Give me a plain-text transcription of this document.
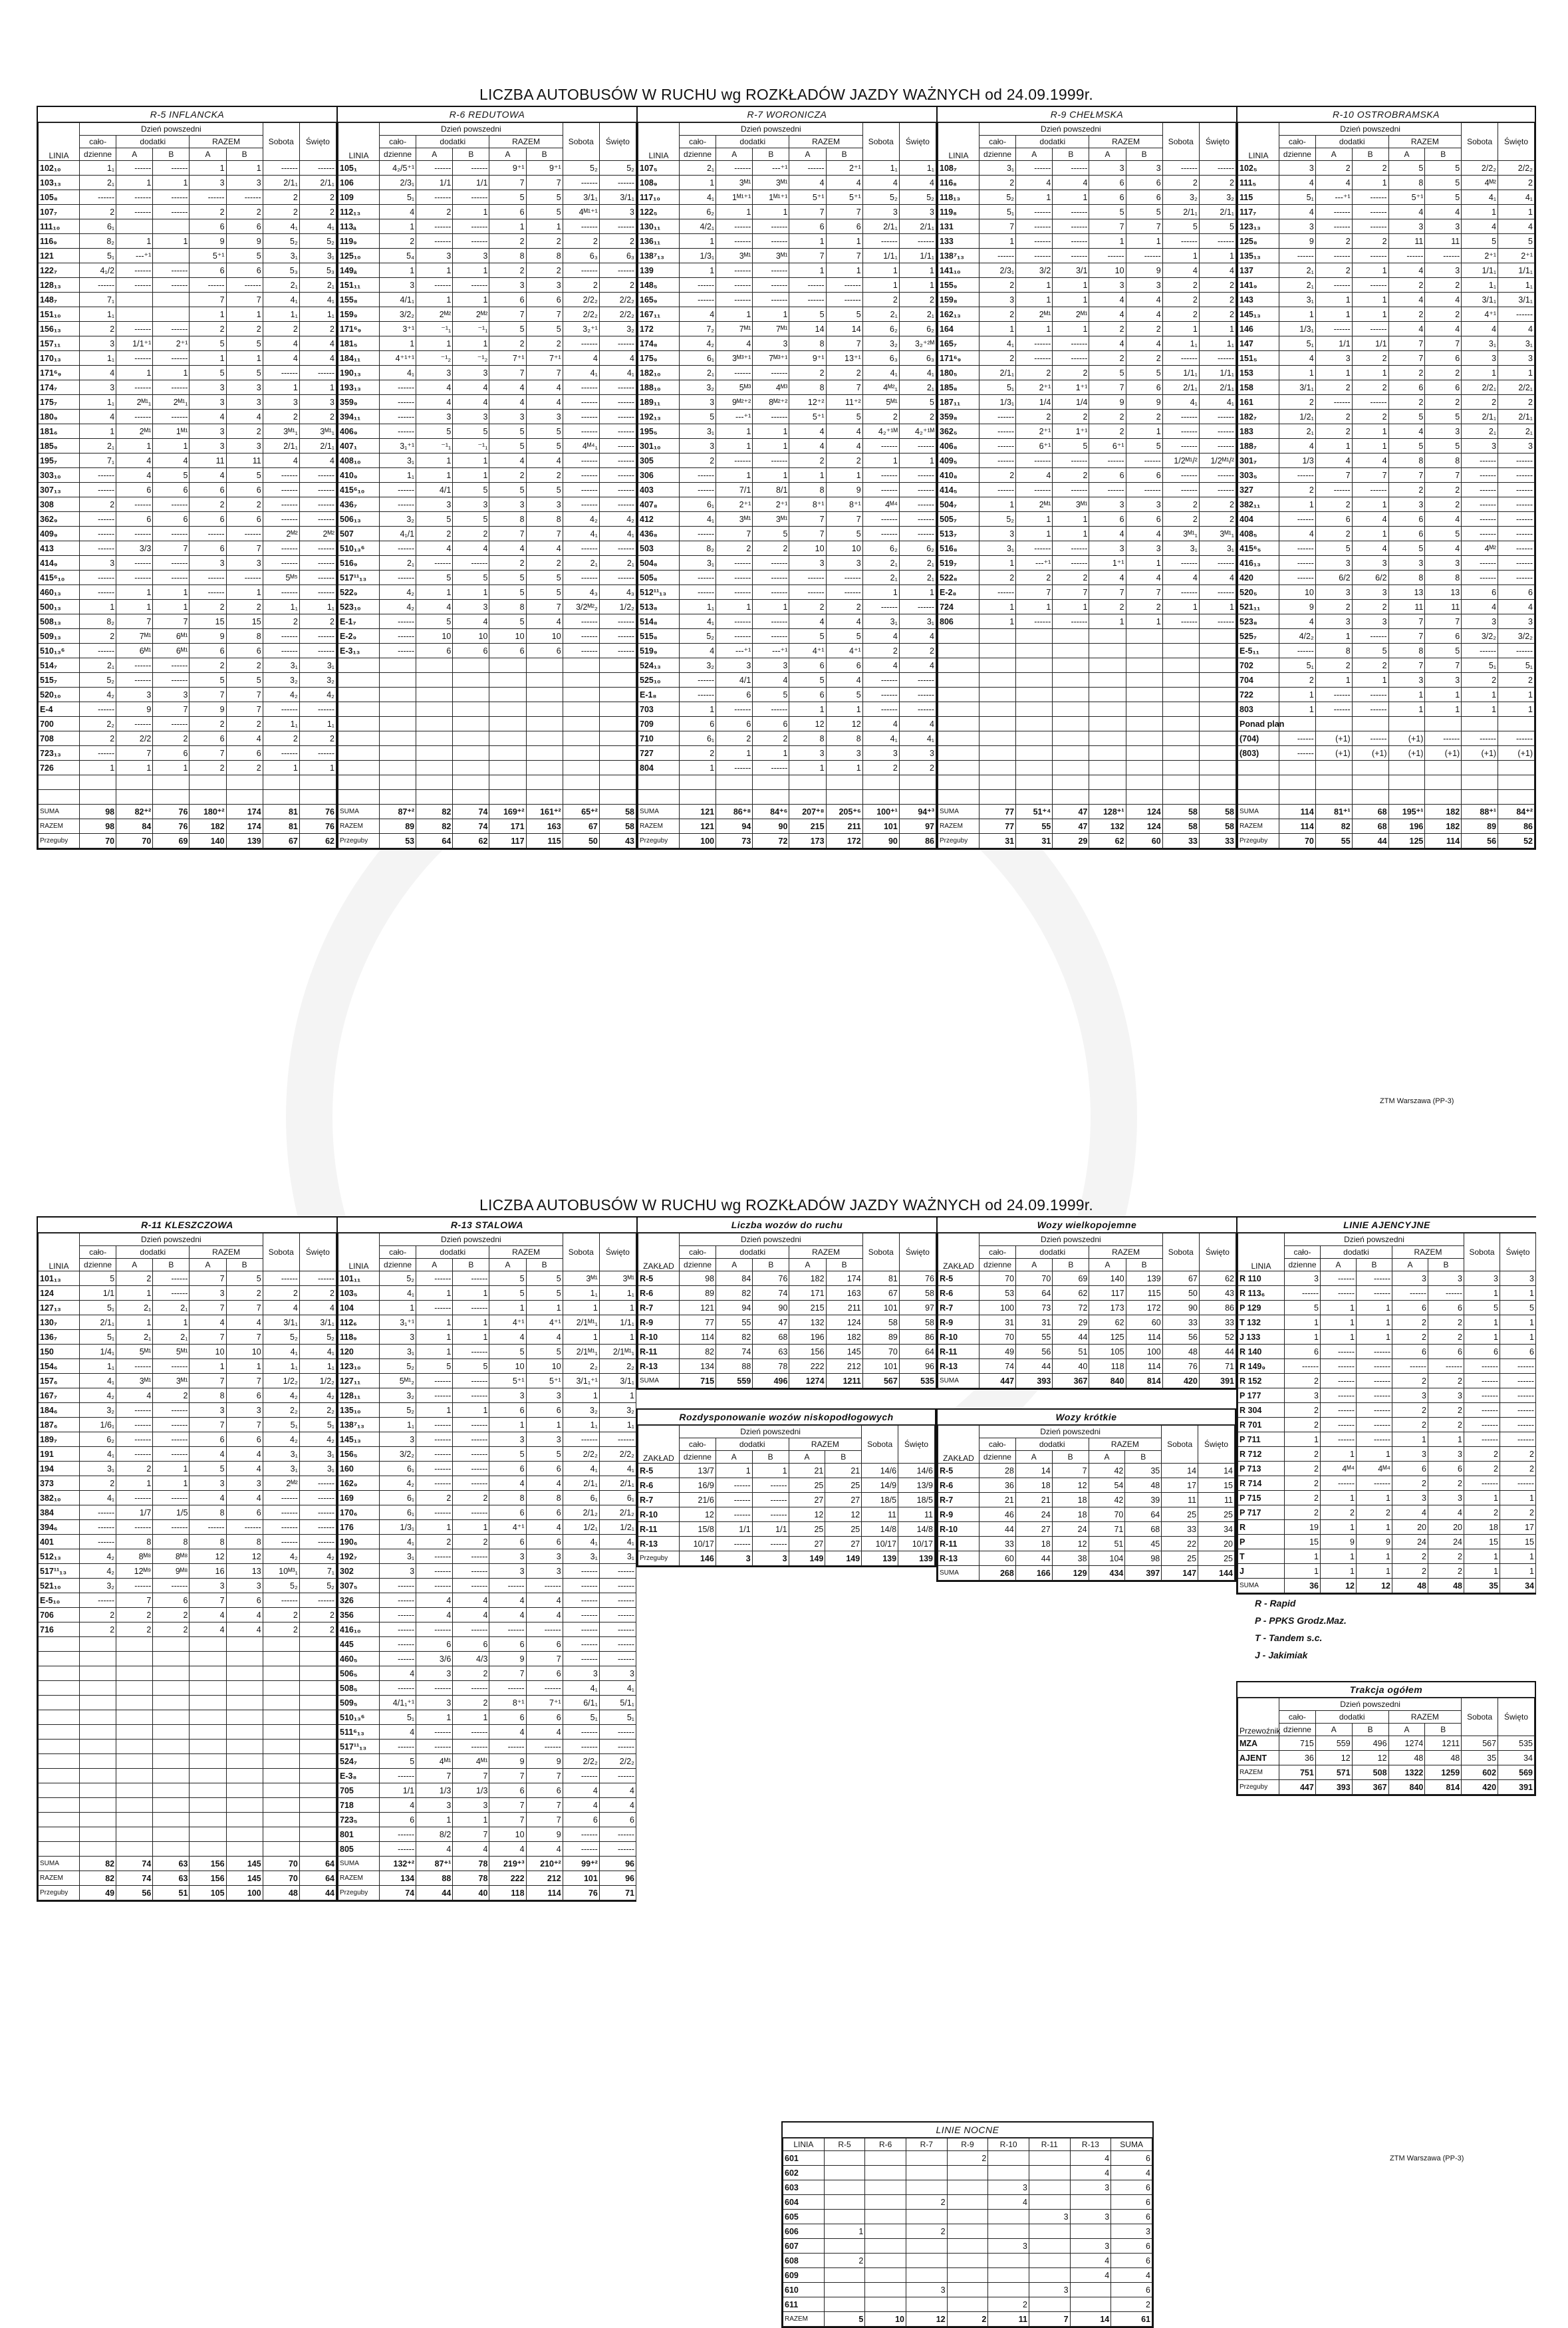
LICZBA AUTOBUSÓW W RUCHU wg ROZKŁADÓW JAZDY WAŻNYCH od 24.09.1999r.
R-5 INFLANCKA
LINIA	Dzień powszedni					Sobota	Święto
	cało-	dodatki		RAZEM			
	dzienne	A	B	A	B		
102₁₀	1₁	------	------	1	1	------	------
103₁₃	2₁	1	1	3	3	2/1₁	2/1₁
105₈	------	------	------	------	------	2	2
107₇	2	------	------	2	2	2	2
111₁₀	6₁			6	6	4₁	4₁
116₉	8₂	1	1	9	9	5₂	5₂
121	5₁	---⁺¹		5⁺¹	5	3₁	3₁
122₇	4₁/2	------	------	6	6	5₃	5₃
128₁₃	------	------	------	------	------	2₁	2₁
148₇	7₁			7	7	4₁	4₁
151₁₀	1₁			1	1	1₁	1₁
156₁₃	2	------	------	2	2	2	2
157₁₁	3	1/1⁺¹	2⁺¹	5	5	4	4
170₁₃	1₁	------	------	1	1	4	4
171⁶₉	4	1	1	5	5	------	------
174₇	3	------	------	3	3	1	1
175₇	1₁	2ᴹ¹₁	2ᴹ¹₁	3	3	3	3
180₉	4	------	------	4	4	2	2
181₆	1	2ᴹ¹	1ᴹ¹	3	2	3ᴹ¹₁	3ᴹ¹₁
185₉	2₁	1	1	3	3	2/1₁	2/1₁
195₇	7₁	4	4	11	11	4	4
303₁₀	------	4	5	4	5	------	------
307₁₃	------	6	6	6	6	------	------
308	2	------	------	2	2	------	------
362₉	------	6	6	6	6	------	------
409₉	------	------	------	------	------	2ᴹ²	2ᴹ²
413	------	3/3	7	6	7	------	------
414₉	3	------	------	3	3	------	------
415⁶₁₀	------	------	------	------	------	5ᴹ⁵	------
460₁₃	------	1	1	------	1	------	------
500₁₃	1	1	1	2	2	1₁	1₁
508₁₃	8₂	7	7	15	15	2	2
509₁₃	2	7ᴹ¹	6ᴹ¹	9	8	------	------
510₁₃⁶	------	6ᴹ¹	6ᴹ¹	6	6	------	------
514₇	2₁	------	------	2	2	3₁	3₁
515₇	5₂	------	------	5	5	3₂	3₂
520₁₀	4₂	3	3	7	7	4₂	4₂
E-4	------	9	7	9	7	------	------
700	2₂	------	------	2	2	1₁	1₁
708	2	2/2	2	6	4	2	2
723₁₃	------	7	6	7	6	------	------
726	1	1	1	2	2	1	1

SUMA	98	82⁺²	76	180⁺²	174	81	76
RAZEM	98	84	76	182	174	81	76
Przeguby	70	70	69	140	139	67	62
R-6 REDUTOWA
LINIA	Dzień powszedni					Sobota	Święto
	cało-	dodatki		RAZEM			
	dzienne	A	B	A	B		
105₁	4₂/5⁺¹	------	------	9⁺¹	9⁺¹	5₂	5₂
106	2/3₁	1/1	1/1	7	7	------	------
109	5₁	------	------	5	5	3/1₁	3/1₁
112₁₃	4	2	1	6	5	4ᴹ¹⁺¹	3
113ₐ	1	------	------	1	1	------	------
119₉	2	------	------	2	2	2	2
125₁₀	5₄	3	3	8	8	6₃	6₃
149ₐ	1	1	1	2	2	------	------
151₁₁	3	------	------	3	3	2	2
155₈	4/1₁	1	1	6	6	2/2₂	2/2₂
159₉	3/2₂	2ᴹ²	2ᴹ²	7	7	2/2₂	2/2₂
171⁶₉	3⁺¹	⁻¹₁	⁻¹₁	5	5	3₂⁺¹	3₂
181₅	1	1	1	2	2	------	------
184₁₁	4⁺¹⁺¹	⁻¹₂	⁻¹₂	7⁺¹	7⁺¹	4	4
190₁₃	4₁	3	3	7	7	4₁	4₁
193₁₃	------	4	4	4	4	------	------
359₉	------	4	4	4	4	------	------
394₁₁	------	3	3	3	3	------	------
406₉	------	5	5	5	5	------	------
407₁	3₁⁺¹	⁻¹₁	⁻¹₁	5	5	4ᴹ⁴₁	------
408₁₀	3₁	1	1	4	4	------	------
410₉	1₁	1	1	2	2	------	------
415⁶₁₀	------	4/1	5	5	5	------	------
436₇	------	3	3	3	3	------	------
506₁₃	3₂	5	5	8	8	4₂	4₂
507	4₁/1	2	2	7	7	4₁	4₁
510₁₃⁶	------	4	4	4	4	------	------
516₉	2₁	------	------	2	2	2₁	2₁
517¹¹₁₃	------	5	5	5	5	------	------
522₉	4₂	1	1	5	5	4₃	4₃
523₁₀	4₂	4	3	8	7	3/2ᴹ²₂	1/2₂
E-1₇	------	5	4	5	4	------	------
E-2₉	------	10	10	10	10	------	------
E-3₁₃	------	6	6	6	6	------	------

SUMA	87⁺²	82	74	169⁺²	161⁺²	65⁺²	58
RAZEM	89	82	74	171	163	67	58
Przeguby	53	64	62	117	115	50	43
R-7 WORONICZA
LINIA	Dzień powszedni					Sobota	Święto
	cało-	dodatki		RAZEM			
	dzienne	A	B	A	B		
107₅	2₁	------	---⁺¹	------	2⁺¹	1₁	1₁
108₉	1	3ᴹ¹	3ᴹ¹	4	4	4	4
117₁₀	4₁	1ᴹ¹⁺¹	1ᴹ¹⁺¹	5⁺¹	5⁺¹	5₂	5₂
122₅	6₂	1	1	7	7	3	3
130₁₁	4/2₁	------	------	6	6	2/1₁	2/1₁
136₁₁	1	------	------	1	1	------	------
138⁷₁₃	1/3₁	3ᴹ¹	3ᴹ¹	7	7	1/1₁	1/1₁
139	1	------	------	1	1	1	1
148₅	------	------	------	------	------	1	1
165₉	------	------	------	------	------	2	2
167₁₁	4	1	1	5	5	2₁	2₁
172	7₂	7ᴹ¹	7ᴹ¹	14	14	6₂	6₂
174₈	4₂	4	3	8	7	3₂	3₂⁺²ᴹ
175₉	6₁	3ᴹ³⁺¹	7ᴹ³⁺¹	9⁺¹	13⁺¹	6₃	6₃
182₁₀	2₁	------	------	2	2	4₁	4₁
188₁₀	3₂	5ᴹ³	4ᴹ³	8	7	4ᴹ²₁	2₁
189₁₁	3	9ᴹ²⁺²	8ᴹ²⁺²	12⁺²	11⁺²	5ᴹ¹	5
192₁₃	5	---⁺¹	------	5⁺¹	5	2	2
195₅	3₁	1	1	4	4	4₂⁺¹ᴹ	4₂⁺¹ᴹ
301₁₀	3	1	1	4	4	------	------
305	2	------	------	2	2	1	1
306	------	1	1	1	1	------	------
403	------	7/1	8/1	8	9	------	------
407₈	6₁	2⁺¹	2⁺¹	8⁺¹	8⁺¹	4ᴹ⁴	------
412	4₁	3ᴹ¹	3ᴹ¹	7	7	------	------
436₈	------	7	5	7	5	------	------
503	8₂	2	2	10	10	6₂	6₂
504₈	3₁	------	------	3	3	2₁	2₁
505₈	------	------	------	------	------	2₁	2₁
512¹¹₁₃	------	------	------	------	------	1	1
513₈	1₁	1	1	2	2	------	------
514₈	4₁	------	------	4	4	3₁	3₁
515₈	5₂	------	------	5	5	4	4
519₉	4	---⁺¹	---⁺¹	4⁺¹	4⁺¹	2	2
524₁₃	3₂	3	3	6	6	4	4
525₁₀	------	4/1	4	5	4	------	------
E-1₈	------	6	5	6	5	------	------
703	1	------	------	1	1	------	------
709	6	6	6	12	12	4	4
710	6₁	2	2	8	8	4₁	4₁
727	2	1	1	3	3	3	3
804	1	------	------	1	1	2	2

SUMA	121	86⁺⁸	84⁺⁶	207⁺⁸	205⁺⁶	100⁺¹	94⁺³
RAZEM	121	94	90	215	211	101	97
Przeguby	100	73	72	173	172	90	86
R-9 CHEŁMSKA
LINIA	Dzień powszedni					Sobota	Święto
	cało-	dodatki		RAZEM			
	dzienne	A	B	A	B		
108₇	3₁	------	------	3	3	------	------
116₈	2	4	4	6	6	2	2
118₁₃	5₂	1	1	6	6	3₂	3₂
119₈	5₁	------	------	5	5	2/1₁	2/1₁
131	7	------	------	7	7	5	5
133	1	------	------	1	1	------	------
138⁷₁₃	------	------	------	------	------	1	1
141₁₀	2/3₁	3/2	3/1	10	9	4	4
155₉	2	1	1	3	3	2	2
159₈	3	1	1	4	4	2	2
162₁₃	2	2ᴹ¹	2ᴹ¹	4	4	2	2
164	1	1	1	2	2	1	1
165₇	4₁	------	------	4	4	1₁	1₁
171⁶₉	2	------	------	2	2	------	------
180₅	2/1₁	2	2	5	5	1/1₁	1/1₁
185₈	5₁	2⁺¹	1⁺¹	7	6	2/1₁	2/1₁
187₁₁	1/3₁	1/4	1/4	9	9	4₁	4₁
359₈	------	2	2	2	2	------	------
362₅	------	2⁺¹	1⁺¹	2	1	------	------
406₈	------	6⁺¹	5	6⁺¹	5	------	------
409₅	------	------	------	------	------	1/2ᴹ¹/²	1/2ᴹ¹/²
410₈	2	4	2	6	6	------	------
414₅	------	------	------	------	------	------	------
504₇	1	2ᴹ¹	3ᴹ¹	3	3	2	2
505₇	5₂	1	1	6	6	2	2
513₇	3	1	1	4	4	3ᴹ¹₁	3ᴹ¹₁
516₈	3₁	------	------	3	3	3₁	3₁
519₇	1	---⁺¹	------	1⁺¹	1	------	------
522₈	2	2	2	4	4	4	4
E-2₈	------	7	7	7	7	------	------
724	1	1	1	2	2	1	1
806	1	------	------	1	1	------	------

SUMA	77	51⁺⁴	47	128⁺¹	124	58	58
RAZEM	77	55	47	132	124	58	58
Przeguby	31	31	29	62	60	33	33
R-10 OSTROBRAMSKA
LINIA	Dzień powszedni					Sobota	Święto
	cało-	dodatki		RAZEM			
	dzienne	A	B	A	B		
102₅	3	2	2	5	5	2/2₂	2/2₂
111₅	4	4	1	8	5	4ᴹ²	2
115	5₁	---⁺¹	------	5⁺¹	5	4₁	4₁
117₇	4	------	------	4	4	1	1
123₁₃	3	------	------	3	3	4	4
125₈	9	2	2	11	11	5	5
135₁₃	------	------	------	------	------	2⁺¹	2⁺¹
137	2₁	2	1	4	3	1/1₁	1/1₁
141₉	2₁	------	------	2	2	1₁	1₁
143	3₁	1	1	4	4	3/1₁	3/1₁
145₁₃	1	1	1	2	2	4⁺¹	------
146	1/3₁	------	------	4	4	4	4
147	5₁	1/1	1/1	7	7	3₁	3₁
151₅	4	3	2	7	6	3	3
153	1	1	1	2	2	1	1
158	3/1₁	2	2	6	6	2/2₁	2/2₁
161	2	------	------	2	2	2	2
182₇	1/2₁	2	2	5	5	2/1₁	2/1₁
183	2₁	2	1	4	3	2₁	2₁
188₇	4	1	1	5	5	3	3
301₇	1/3	4	4	8	8	------	------
303₅	------	7	7	7	7	------	------
327	2	------	------	2	2	------	------
382₁₁	1	2	1	3	2	------	------
404	------	6	4	6	4	------	------
408₅	4	2	1	6	5	------	------
415⁶₅	------	5	4	5	4	4ᴹ²	------
416₁₃	------	3	3	3	3	------	------
420	------	6/2	6/2	8	8	------	------
520₅	10	3	3	13	13	6	6
521₁₁	9	2	2	11	11	4	4
523₈	4	3	3	7	7	3	3
525₇	4/2₂	1	------	7	6	3/2₂	3/2₂
E-5₁₁	------	8	5	8	5	------	------
702	5₁	2	2	7	7	5₁	5₁
704	2	1	1	3	3	2	2
722	1	------	------	1	1	1	1
803	1	------	------	1	1	1	1
Ponad plan							
(704)	------	(+1)	------	(+1)	------	------	------
(803)	------	(+1)	(+1)	(+1)	(+1)	(+1)	(+1)

SUMA	114	81⁺¹	68	195⁺¹	182	88⁺¹	84⁺²
RAZEM	114	82	68	196	182	89	86
Przeguby	70	55	44	125	114	56	52
ZTM Warszawa (PP-3)
LICZBA AUTOBUSÓW W RUCHU wg ROZKŁADÓW JAZDY WAŻNYCH od 24.09.1999r.
R-11 KLESZCZOWA
LINIA	Dzień powszedni					Sobota	Święto
	cało-	dodatki		RAZEM			
	dzienne	A	B	A	B		
101₁₃	5	2	------	7	5	------	------
124	1/1	1	------	3	2	2	2
127₁₃	5₁	2₁	2₁	7	7	4	4
130₇	2/1₁	1	1	4	4	3/1₁	3/1₁
136₇	5₁	2₁	2₁	7	7	5₂	5₂
150	1/4₁	5ᴹ¹	5ᴹ¹	10	10	4₁	4₁
154₆	1₁	------	------	1	1	1₁	1₁
157₆	4₁	3ᴹ¹	3ᴹ¹	7	7	1/2₂	1/2₂
167₇	4₂	4	2	8	6	4₂	4₂
184₆	3₂	------	------	3	3	2₂	2₂
187₆	1/6₁	------	------	7	7	5₁	5₁
189₇	6₂	------	------	6	6	4₂	4₂
191	4₁	------	------	4	4	3₁	3₁
194	3₁	2	1	5	4	3₁	3₁
373	2	1	1	3	3	2ᴹ²	------
382₁₀	4₁	------	------	4	4	------	------
384	------	1/7	1/5	8	6	------	------
394₆	------	------	------	------	------	------	------
401	------	8	8	8	8	------	------
512₁₃	4₂	8ᴹ⁸	8ᴹ⁸	12	12	4₂	4₂
517¹¹₁₃	4₂	12ᴹ⁹	9ᴹ⁸	16	13	10ᴹ³₁	7₁
521₁₀	3₂	------	------	3	3	5₂	5₂
E-5₁₀	------	7	6	7	6	------	------
706	2	2	2	4	4	2	2
716	2	2	2	4	4	2	2

SUMA	82	74	63	156	145	70	64
RAZEM	82	74	63	156	145	70	64
Przeguby	49	56	51	105	100	48	44
R-13 STALOWA
LINIA	Dzień powszedni					Sobota	Święto
	cało-	dodatki		RAZEM			
	dzienne	A	B	A	B		
101₁₁	5₂	------	------	5	5	3ᴹ¹	3ᴹ¹
103₅	4₁	1	1	5	5	1₁	1₁
104	1	------	------	1	1	1	1
112₆	3₁⁺¹	1	1	4⁺¹	4⁺¹	2/1ᴹ¹₁	1/1₁
118₉	3	1	1	4	4	1	1
120	3₁	1	------	5	5	2/1ᴹ¹₁	2/1ᴹ¹₁
123₁₀	5₂	5	5	10	10	2₂	2₂
127₁₁	5ᴹ¹₂	------	------	5⁺¹	5⁺¹	3/1₁⁺¹	3/1₁
128₁₁	3₂	------	------	3	3	1	1
135₁₀	5₂	1	1	6	6	3₂	3₂
138⁷₁₃	1₁	------	------	1	1	1₁	1₁
145₁₃	3	------	------	3	3	------	------
156₅	3/2₂	------	------	5	5	2/2₂	2/2₂
160	6₁	------	------	6	6	4₁	4₁
162₉	4₂	------	------	4	4	2/1₁	2/1₁
169	6₁	2	2	8	8	6₁	6₁
170₆	6₁	------	------	6	6	2/1₂	2/1₂
176	1/3₁	1	1	4⁺¹	4	1/2₁	1/2₁
190₆	4₁	2	2	6	6	4₁	4₁
192₇	3₁	------	------	3	3	3₁	3₁
302	3	------	------	3	3	------	------
307₅	------	------	------	------	------	------	------
326	------	4	4	4	4	------	------
356	------	4	4	4	4	------	------
416₁₀	------	------	------	------	------	------	------
445	------	6	6	6	6	------	------
460₅	------	3/6	4/3	9	7	------	------
506₅	4	3	2	7	6	3	3
508₅	------	------	------	------	------	4₁	4₁
509₅	4/1₁⁺¹	3	2	8⁺¹	7⁺¹	6/1₁	5/1₁
510₁₃⁶	5₁	1	1	6	6	5₁	5₁
511⁶₁₃	4	------	------	4	4	------	------
517¹¹₁₃	------	------	------	------	------	------	------
524₇	5	4ᴹ¹	4ᴹ¹	9	9	2/2₂	2/2₂
E-3₈	------	7	7	7	7	------	------
705	1/1	1/3	1/3	6	6	4	4
718	4	3	3	7	7	4	4
723₅	6	1	1	7	7	6	6
801	------	8/2	7	10	9	------	------
805	------	4	4	4	4	------	------
SUMA	132⁺²	87⁺¹	78	219⁺³	210⁺²	99⁺²	96
RAZEM	134	88	78	222	212	101	96
Przeguby	74	44	40	118	114	76	71
Liczba wozów do ruchu
ZAKŁAD	Dzień powszedni					Sobota	Święto
	cało-	dodatki		RAZEM			
	dzienne	A	B	A	B		
R-5	98	84	76	182	174	81	76
R-6	89	82	74	171	163	67	58
R-7	121	94	90	215	211	101	97
R-9	77	55	47	132	124	58	58
R-10	114	82	68	196	182	89	86
R-11	82	74	63	156	145	70	64
R-13	134	88	78	222	212	101	96
SUMA	715	559	496	1274	1211	567	535
Rozdysponowanie wozów niskopodłogowych
ZAKŁAD	Dzień powszedni					Sobota	Święto
	cało-	dodatki		RAZEM			
	dzienne	A	B	A	B		
R-5	13/7	1	1	21	21	14/6	14/6
R-6	16/9	------	------	25	25	14/9	13/9
R-7	21/6	------	------	27	27	18/5	18/5
R-10	12	------	------	12	12	11	11
R-11	15/8	1/1	1/1	25	25	14/8	14/8
R-13	10/17	------	------	27	27	10/17	10/17
Przeguby	146	3	3	149	149	139	139
Wozy wielkopojemne
ZAKŁAD	Dzień powszedni					Sobota	Święto
	cało-	dodatki		RAZEM			
	dzienne	A	B	A	B		
R-5	70	70	69	140	139	67	62
R-6	53	64	62	117	115	50	43
R-7	100	73	72	173	172	90	86
R-9	31	31	29	62	60	33	33
R-10	70	55	44	125	114	56	52
R-11	49	56	51	105	100	48	44
R-13	74	44	40	118	114	76	71
SUMA	447	393	367	840	814	420	391
Wozy krótkie
ZAKŁAD	Dzień powszedni					Sobota	Święto
	cało-	dodatki		RAZEM			
	dzienne	A	B	A	B		
R-5	28	14	7	42	35	14	14
R-6	36	18	12	54	48	17	15
R-7	21	21	18	42	39	11	11
R-9	46	24	18	70	64	25	25
R-10	44	27	24	71	68	33	34
R-11	33	18	12	51	45	22	20
R-13	60	44	38	104	98	25	25
SUMA	268	166	129	434	397	147	144
LINIE AJENCYJNE
LINIA	Dzień powszedni					Sobota	Święto
	cało-	dodatki		RAZEM			
	dzienne	A	B	A	B		
R 110	3	------	------	3	3	3	3
R 113₆	------	------	------	------	------	1	1
P 129	5	1	1	6	6	5	5
T 132	1	1	1	2	2	1	1
J 133	1	1	1	2	2	1	1
R 140	6	------	------	6	6	6	6
R 149₉	------	------	------	------	------	------	------
R 152	2	------	------	2	2	------	------
P 177	3	------	------	3	3	------	------
R 304	2	------	------	2	2	------	------
R 701	2	------	------	2	2	------	------
P 711	1	------	------	1	1	------	------
R 712	2	1	1	3	3	2	2
P 713	2	4ᴹ⁴	4ᴹ⁴	6	6	2	2
R 714	2	------	------	2	2	------	------
P 715	2	1	1	3	3	1	1
P 717	2	2	2	4	4	2	2
R	19	1	1	20	20	18	17
P	15	9	9	24	24	15	15
T	1	1	1	2	2	1	1
J	1	1	1	2	2	1	1
SUMA	36	12	12	48	48	35	34
R - Rapid
P - PPKS Grodz.Maz.
T - Tandem s.c.
J - Jakimiak
Trakcja ogółem
Przewoźnik	Dzień powszedni					Sobota	Święto
	cało-	dodatki		RAZEM			
	dzienne	A	B	A	B		
MZA	715	559	496	1274	1211	567	535
AJENT	36	12	12	48	48	35	34
RAZEM	751	571	508	1322	1259	602	569
Przeguby	447	393	367	840	814	420	391
LINIE NOCNE
LINIA	R-5	R-6	R-7	R-9	R-10	R-11	R-13	SUMA
601				2			4	6
602							4	4
603					3		3	6
604			2		4			6
605						3	3	6
606	1		2					3
607					3		3	6
608	2						4	6
609							4	4
610			3			3		6
611					2			2
RAZEM	5	10	12	2	11	7	14	61
ZTM Warszawa (PP-3)
